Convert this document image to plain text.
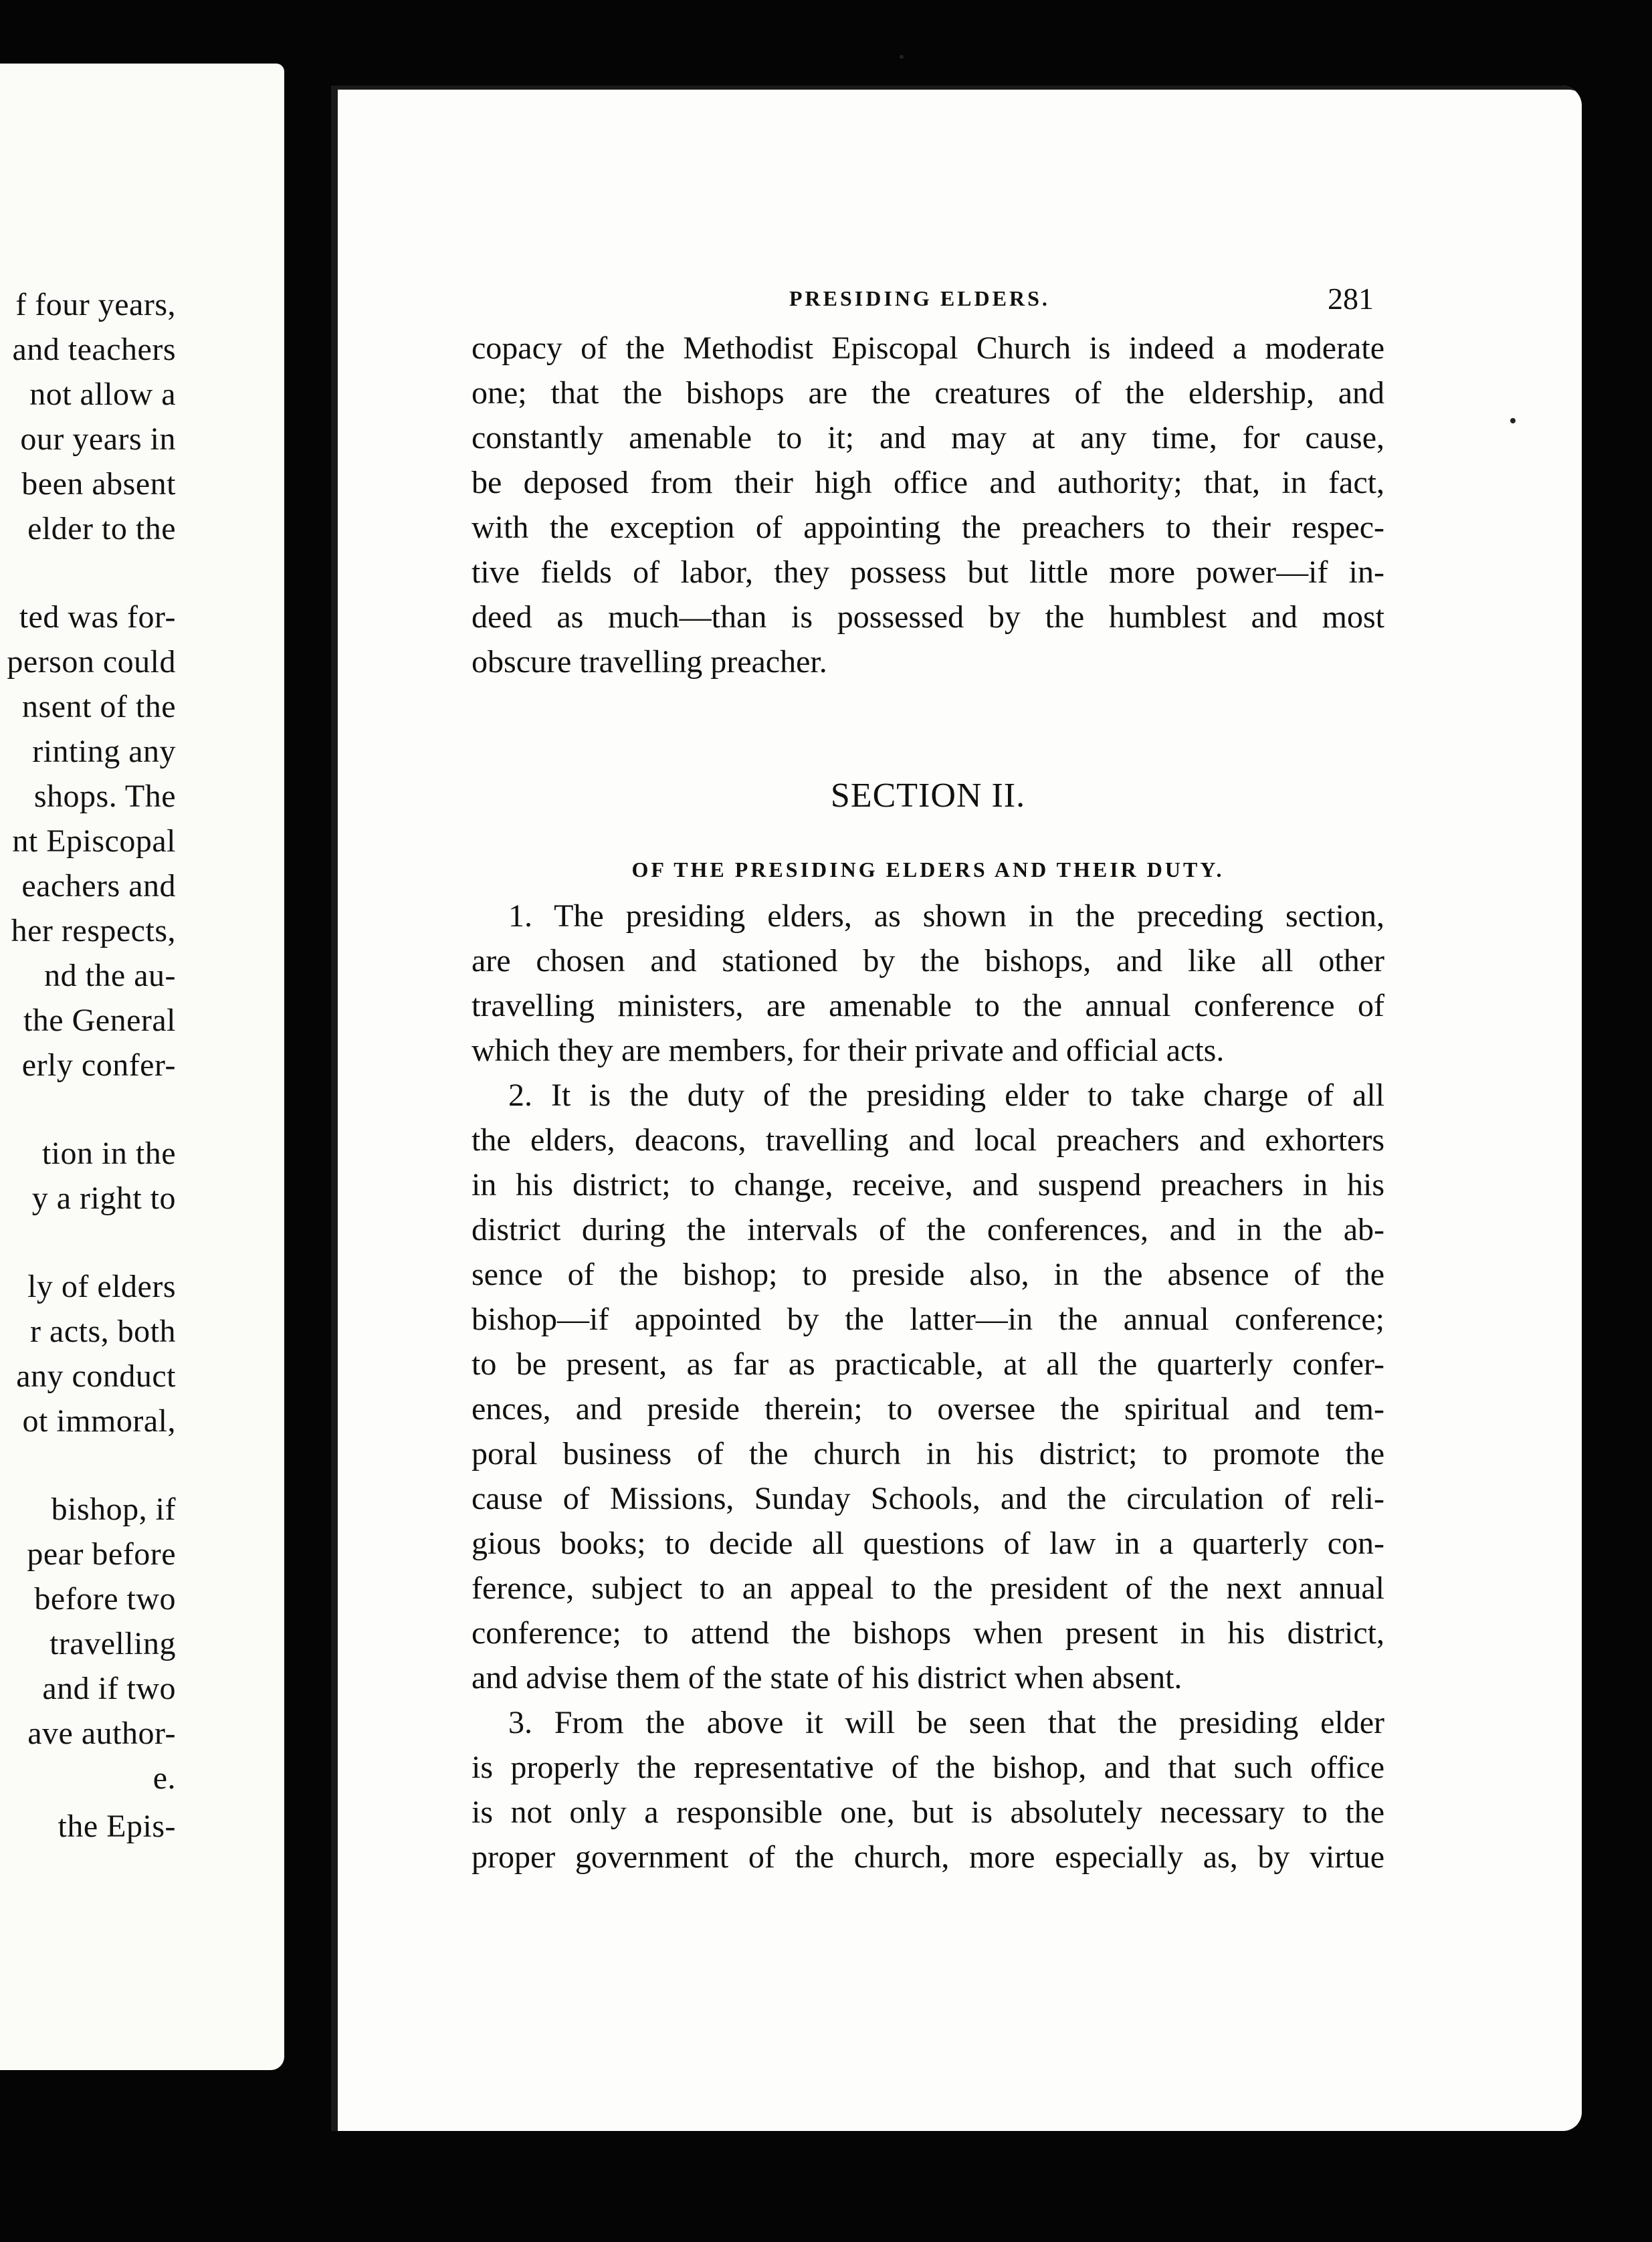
f four years,
and teachers
not allow a
our years in
been absent
elder to the
ted was for-
person could
nsent of the
rinting any
shops. The
nt Episcopal
eachers and
her respects,
nd the au-
the General
erly confer-
tion in the
y a right to
ly of elders
r acts, both
any conduct
ot immoral,
bishop, if
pear before
before two
travelling
and if two
ave author-
e.
the Epis-
PRESIDING ELDERS.	281
copacy of the Methodist Episcopal Church is indeed a moderate
one; that the bishops are the creatures of the eldership, and
constantly amenable to it; and may at any time, for cause,
be deposed from their high office and authority; that, in fact,
with the exception of appointing the preachers to their respec-
tive fields of labor, they possess but little more power—if in-
deed as much—than is possessed by the humblest and most
obscure travelling preacher.
1. The presiding elders, as shown in the preceding section,
are chosen and stationed by the bishops, and like all other
travelling ministers, are amenable to the annual conference of
which they are members, for their private and official acts.
2. It is the duty of the presiding elder to take charge of all
the elders, deacons, travelling and local preachers and exhorters
in his district; to change, receive, and suspend preachers in his
district during the intervals of the conferences, and in the ab-
sence of the bishop; to preside also, in the absence of the
bishop—if appointed by the latter—in the annual conference;
to be present, as far as practicable, at all the quarterly confer-
ences, and preside therein; to oversee the spiritual and tem-
poral business of the church in his district; to promote the
cause of Missions, Sunday Schools, and the circulation of reli-
gious books; to decide all questions of law in a quarterly con-
ference, subject to an appeal to the president of the next annual
conference; to attend the bishops when present in his district,
and advise them of the state of his district when absent.
3. From the above it will be seen that the presiding elder
is properly the representative of the bishop, and that such office
is not only a responsible one, but is absolutely necessary to the
proper government of the church, more especially as, by virtue
SECTION II.
OF THE PRESIDING ELDERS AND THEIR DUTY.
